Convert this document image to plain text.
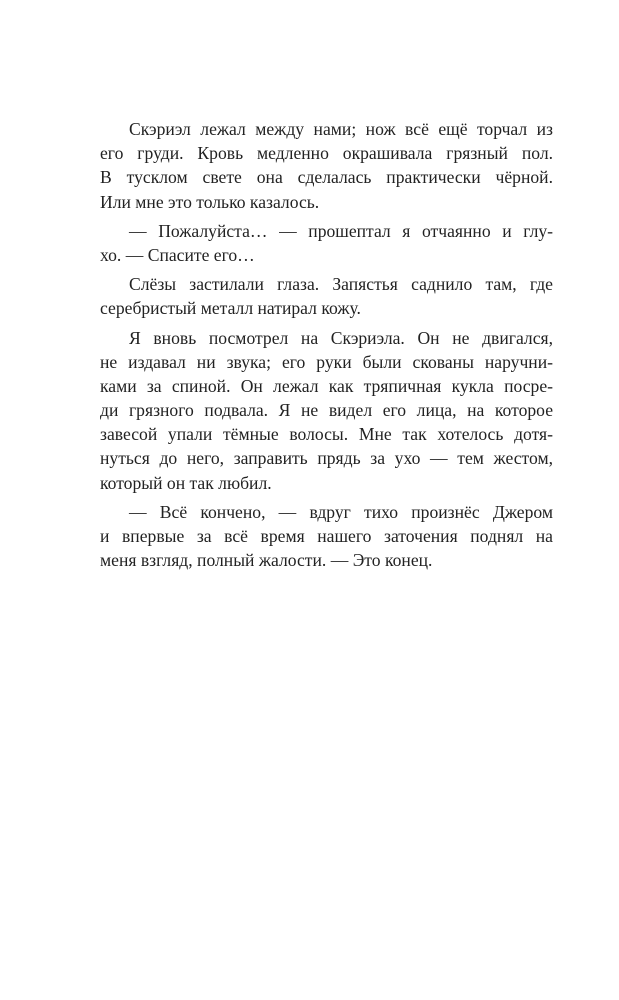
Скэриэл лежал между нами; нож всё ещё торчал из
его груди. Кровь медленно окрашивала грязный пол.
В тусклом свете она сделалась практически чёрной.
Или мне это только казалось.
— Пожалуйста… — прошептал я отчаянно и глу-
хо. — Спасите его…
Слёзы застилали глаза. Запястья саднило там, где
серебристый металл натирал кожу.
Я вновь посмотрел на Скэриэла. Он не двигался,
не издавал ни звука; его руки были скованы наручни-
ками за спиной. Он лежал как тряпичная кукла посре-
ди грязного подвала. Я не видел его лица, на которое
завесой упали тёмные волосы. Мне так хотелось дотя-
нуться до него, заправить прядь за ухо — тем жестом,
который он так любил.
— Всё кончено, — вдруг тихо произнёс Джером
и впервые за всё время нашего заточения поднял на
меня взгляд, полный жалости. — Это конец.
